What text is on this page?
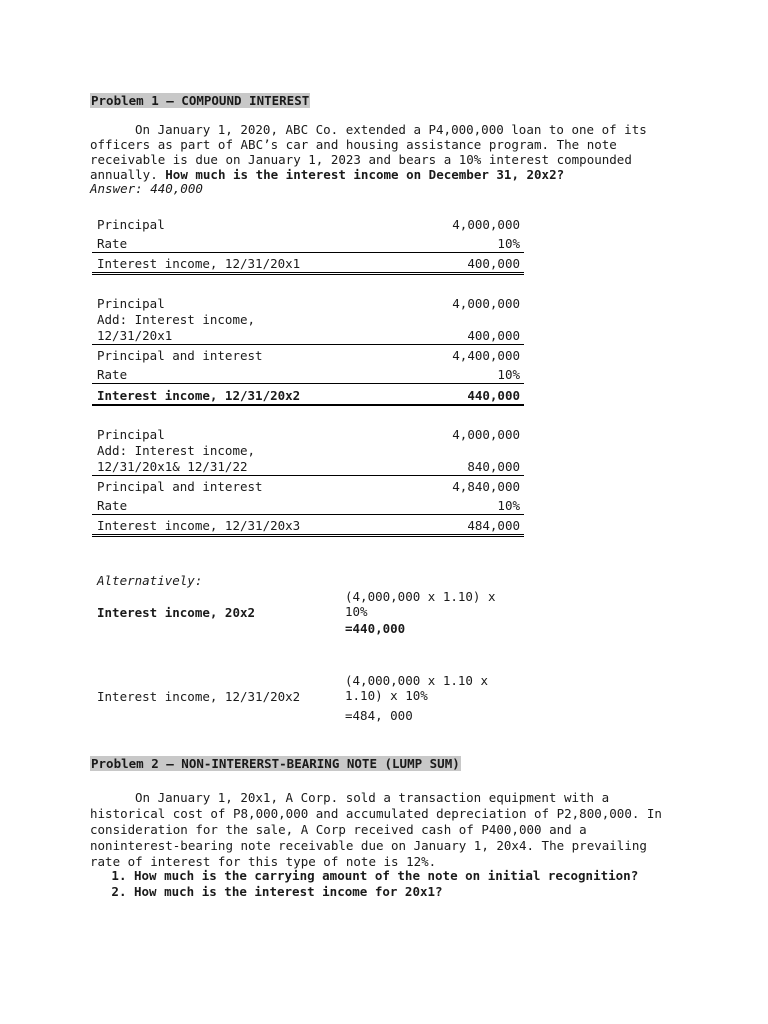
Problem 1 – COMPOUND INTEREST
On January 1, 2020, ABC Co. extended a P4,000,000 loan to one of its officers as part of ABC’s car and housing assistance program. The note receivable is due on January 1, 2023 and bears a 10% interest compounded annually. How much is the interest income on December 31, 20x2?
Answer: 440,000
Principal	4,000,000
Rate	10%
Interest income, 12/31/20x1	400,000
Principal	4,000,000
Add: Interest income, 12/31/20x1	400,000
Principal and interest	4,400,000
Rate	10%
Interest income, 12/31/20x2	440,000
Principal	4,000,000
Add: Interest income, 12/31/20x1& 12/31/22	840,000
Principal and interest	4,840,000
Rate	10%
Interest income, 12/31/20x3	484,000
Alternatively:
Interest income, 20x2
(4,000,000 x 1.10) x 10%
=440,000
Interest income, 12/31/20x2
(4,000,000 x 1.10 x 1.10) x 10%
=484, 000
Problem 2 – NON-INTERERST-BEARING NOTE (LUMP SUM)
On January 1, 20x1, A Corp. sold a transaction equipment with a historical cost of P8,000,000 and accumulated depreciation of P2,800,000. In consideration for the sale, A Corp received cash of P400,000 and a noninterest-bearing note receivable due on January 1, 20x4. The prevailing rate of interest for this type of note is 12%.
1. How much is the carrying amount of the note on initial recognition?
2. How much is the interest income for 20x1?
